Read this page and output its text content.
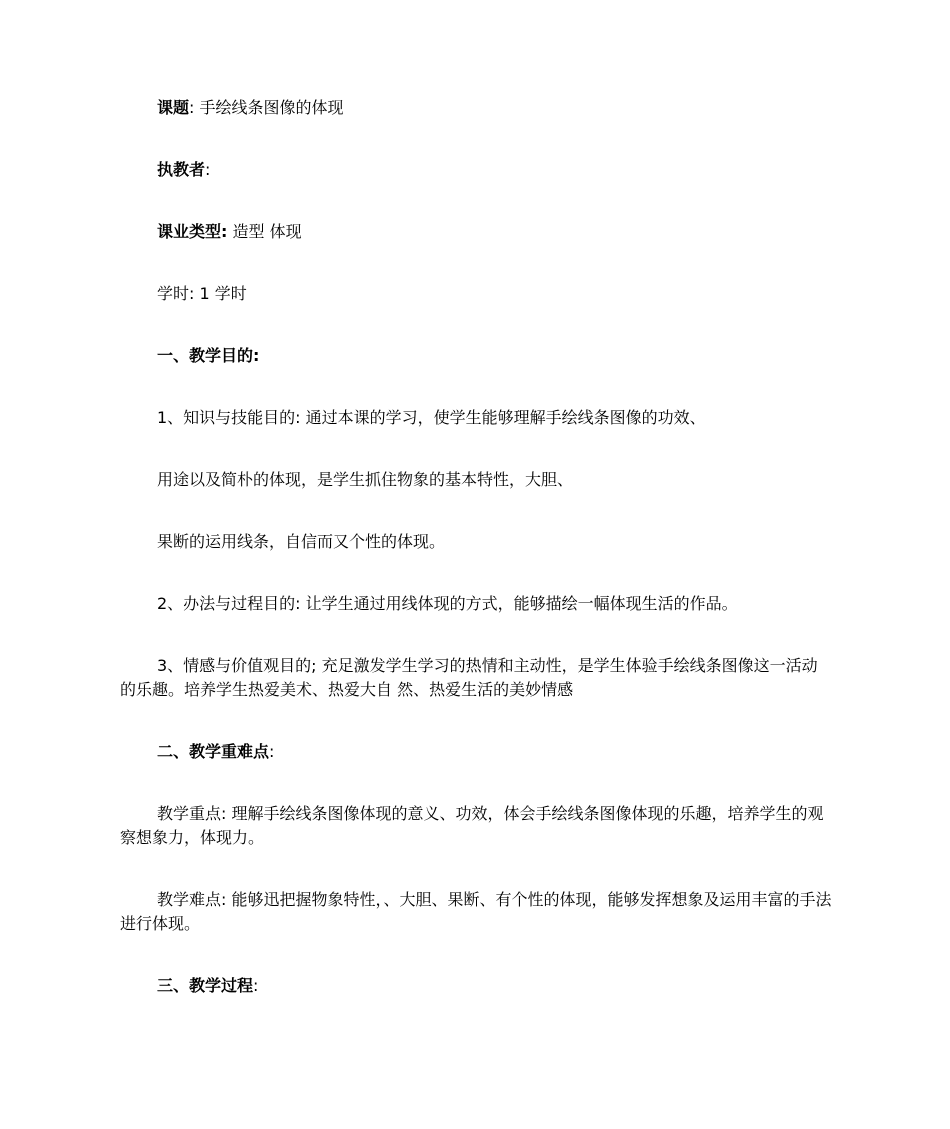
课题: 手绘线条图像的体现

执教者:

课业类型: 造型 体现

学时: 1 学时

一、教学目的:

1、知识与技能目的: 通过本课的学习，使学生能够理解手绘线条图像的功效、

用途以及简朴的体现，是学生抓住物象的基本特性，大胆、

果断的运用线条，自信而又个性的体现。

2、办法与过程目的: 让学生通过用线体现的方式，能够描绘一幅体现生活的作品。

3、情感与价值观目的; 充足激发学生学习的热情和主动性，是学生体验手绘线条图像这一活动的乐趣。培养学生热爱美术、热爱大自 然、热爱生活的美妙情感

二、教学重难点:

教学重点: 理解手绘线条图像体现的意义、功效，体会手绘线条图像体现的乐趣，培养学生的观察想象力，体现力。

教学难点: 能够迅把握物象特性，、大胆、果断、有个性的体现，能够发挥想象及运用丰富的手法进行体现。

三、教学过程:
